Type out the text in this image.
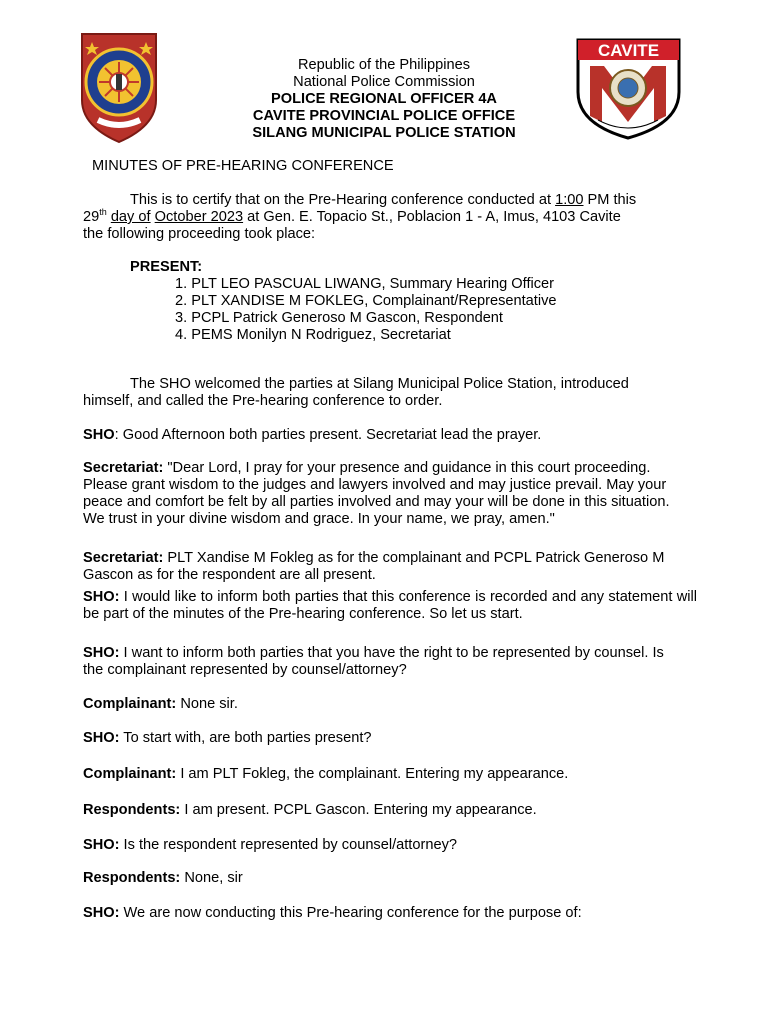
CAVITE
Republic of the Philippines
National Police Commission
POLICE REGIONAL OFFICER 4A
CAVITE PROVINCIAL POLICE OFFICE
SILANG MUNICIPAL POLICE STATION
MINUTES OF PRE-HEARING CONFERENCE
This is to certify that on the Pre-Hearing conference conducted at 1:00 PM this
29th day of October 2023 at Gen. E. Topacio St., Poblacion 1 - A, Imus, 4103 Cavite
the following proceeding took place:
PRESENT:
1. PLT LEO PASCUAL LIWANG, Summary Hearing Officer
2. PLT XANDISE M FOKLEG, Complainant/Representative
3. PCPL Patrick Generoso M Gascon, Respondent
4. PEMS Monilyn N Rodriguez, Secretariat
The SHO welcomed the parties at Silang Municipal Police Station, introduced
himself, and called the Pre-hearing conference to order.
SHO: Good Afternoon both parties present. Secretariat lead the prayer.
Secretariat: "Dear Lord, I pray for your presence and guidance in this court proceeding. Please grant wisdom to the judges and lawyers involved and may justice prevail. May your peace and comfort be felt by all parties involved and may your will be done in this situation. We trust in your divine wisdom and grace. In your name, we pray, amen."
Secretariat: PLT Xandise M Fokleg as for the complainant and PCPL Patrick Generoso M Gascon as for the respondent are all present.
SHO: I would like to inform both parties that this conference is recorded and any statement will be part of the minutes of the Pre-hearing conference. So let us start.
SHO: I want to inform both parties that you have the right to be represented by counsel. Is the complainant represented by counsel/attorney?
Complainant: None sir.
SHO: To start with, are both parties present?
Complainant: I am PLT Fokleg, the complainant. Entering my appearance.
Respondents: I am present. PCPL Gascon. Entering my appearance.
SHO: Is the respondent represented by counsel/attorney?
Respondents: None, sir
SHO: We are now conducting this Pre-hearing conference for the purpose of:
